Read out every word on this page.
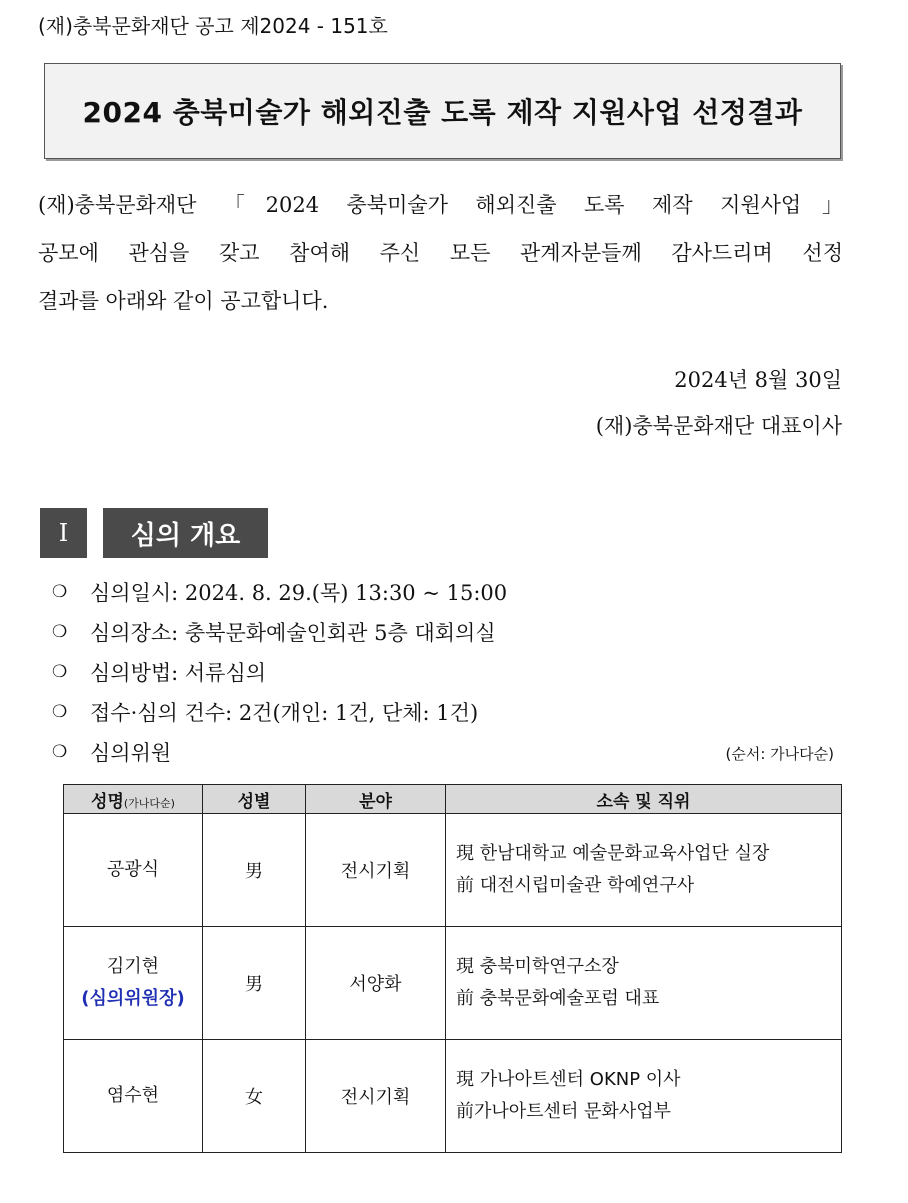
(재)충북문화재단 공고 제2024 - 151호
2024 충북미술가 해외진출 도록 제작 지원사업 선정결과

(재)충북문화재단 「2024 충북미술가 해외진출 도록 제작 지원사업」
공모에 관심을 갖고 참여해 주신 모든 관계자분들께 감사드리며 선정
결과를 아래와 같이 공고합니다.

2024년 8월 30일
(재)충북문화재단 대표이사
Ⅰ	심의 개요
❍	심의일시: 2024. 8. 29.(목) 13:30 ~ 15:00
❍	심의장소: 충북문화예술인회관 5층 대회의실
❍	심의방법: 서류심의
❍	접수·심의 건수: 2건(개인: 1건, 단체: 1건)
❍	심의위원	(순서: 가나다순)
성명(가나다순)	성별	분야	소속 및 직위

공광식	男	전시기획	現 한남대학교 예술문화교육사업단 실장
前 대전시립미술관 학예연구사

김기현
(심의위원장)	男	서양화	現 충북미학연구소장
前 충북문화예술포럼 대표

염수현	女	전시기획	現 가나아트센터 OKNP 이사
前가나아트센터 문화사업부
